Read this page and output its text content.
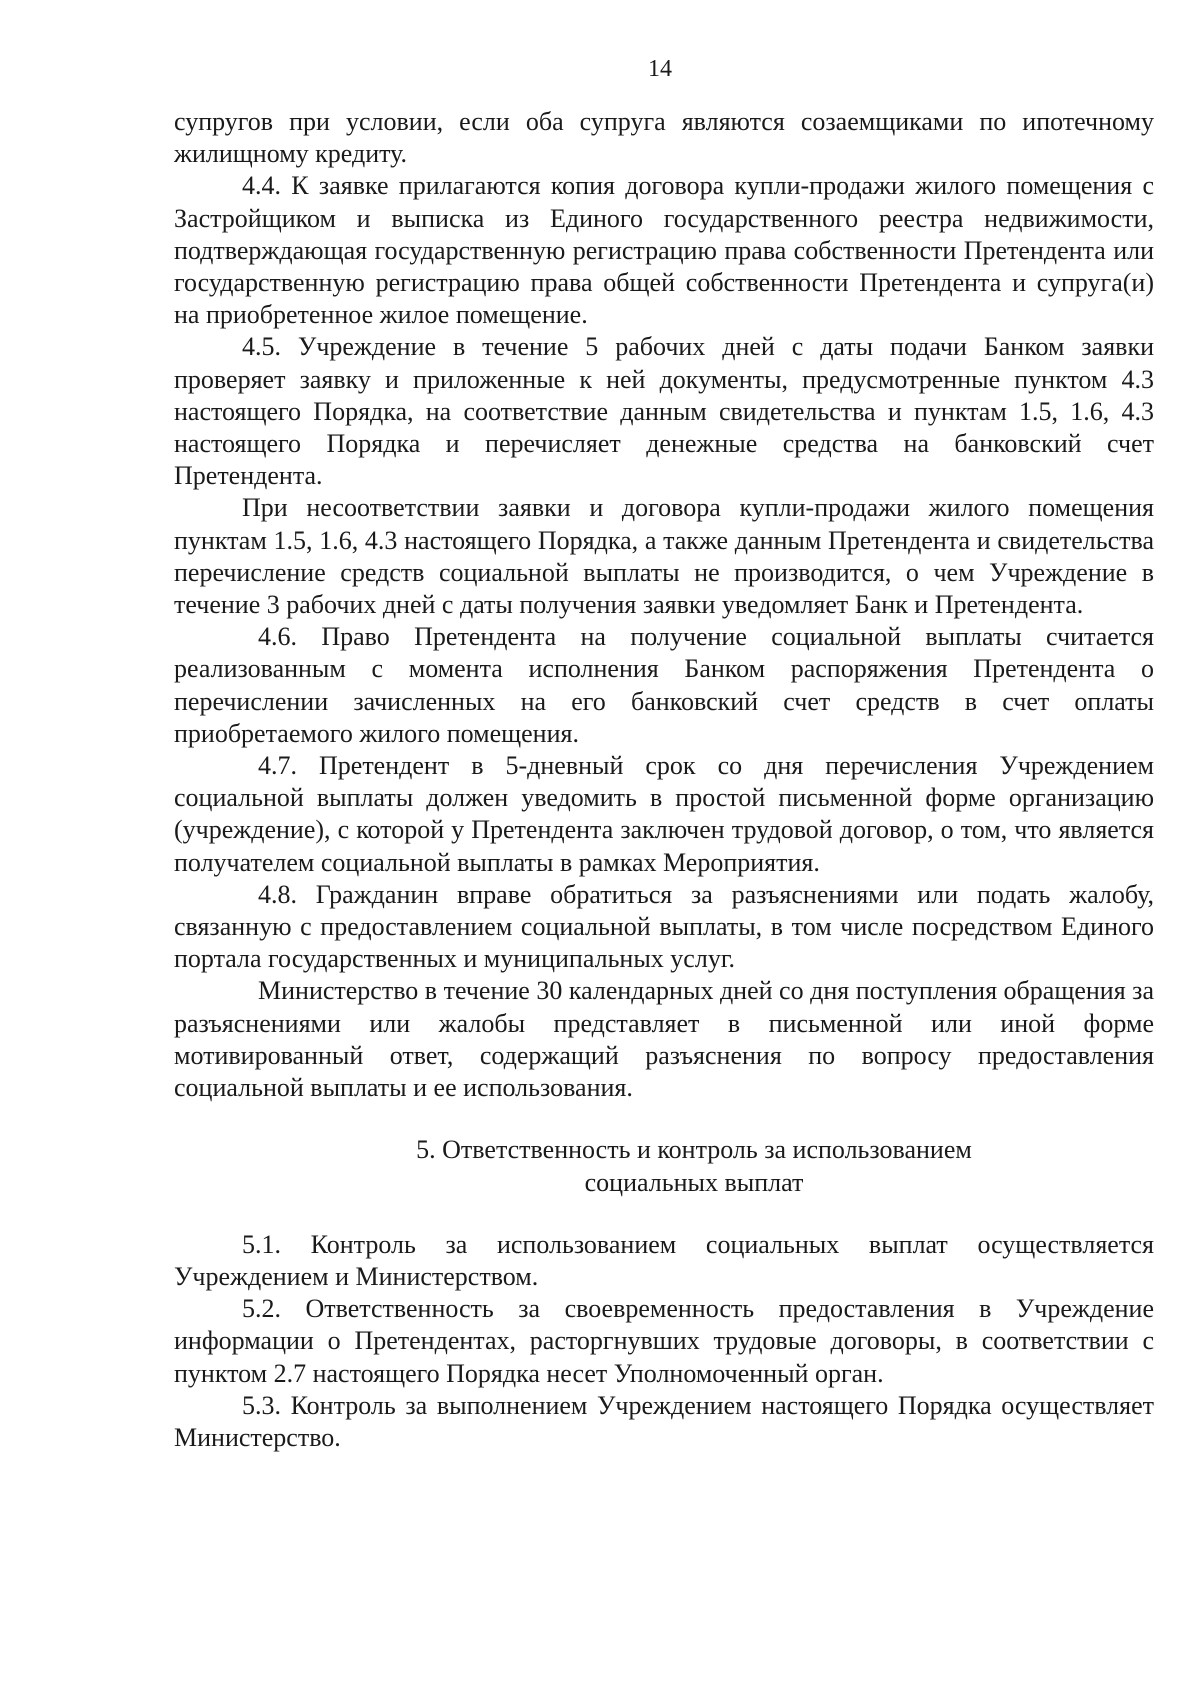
14

супругов при условии, если оба супруга являются созаемщиками по ипотечному жилищному кредиту.

4.4. К заявке прилагаются копия договора купли-продажи жилого помещения с Застройщиком и выписка из Единого государственного реестра недвижимости, подтверждающая государственную регистрацию права собственности Претендента или государственную регистрацию права общей собственности Претендента и супруга(и) на приобретенное жилое помещение.

4.5. Учреждение в течение 5 рабочих дней с даты подачи Банком заявки проверяет заявку и приложенные к ней документы, предусмотренные пунктом 4.3 настоящего Порядка, на соответствие данным свидетельства и пунктам 1.5, 1.6, 4.3 настоящего Порядка и перечисляет денежные средства на банковский счет Претендента.

При несоответствии заявки и договора купли-продажи жилого помещения пунктам 1.5, 1.6, 4.3 настоящего Порядка, а также данным Претендента и свидетельства перечисление средств социальной выплаты не производится, о чем Учреждение в течение 3 рабочих дней с даты получения заявки уведомляет Банк и Претендента.

4.6. Право Претендента на получение социальной выплаты считается реализованным с момента исполнения Банком распоряжения Претендента о перечислении зачисленных на его банковский счет средств в счет оплаты приобретаемого жилого помещения.

4.7. Претендент в 5-дневный срок со дня перечисления Учреждением социальной выплаты должен уведомить в простой письменной форме организацию (учреждение), с которой у Претендента заключен трудовой договор, о том, что является получателем социальной выплаты в рамках Мероприятия.

4.8. Гражданин вправе обратиться за разъяснениями или подать жалобу, связанную с предоставлением социальной выплаты, в том числе посредством Единого портала государственных и муниципальных услуг.

Министерство в течение 30 календарных дней со дня поступления обращения за разъяснениями или жалобы представляет в письменной или иной форме мотивированный ответ, содержащий разъяснения по вопросу предоставления социальной выплаты и ее использования.

5. Ответственность и контроль за использованием
социальных выплат

5.1. Контроль за использованием социальных выплат осуществляется Учреждением и Министерством.

5.2. Ответственность за своевременность предоставления в Учреждение информации о Претендентах, расторгнувших трудовые договоры, в соответствии с пунктом 2.7 настоящего Порядка несет Уполномоченный орган.

5.3. Контроль за выполнением Учреждением настоящего Порядка осуществляет Министерство.
